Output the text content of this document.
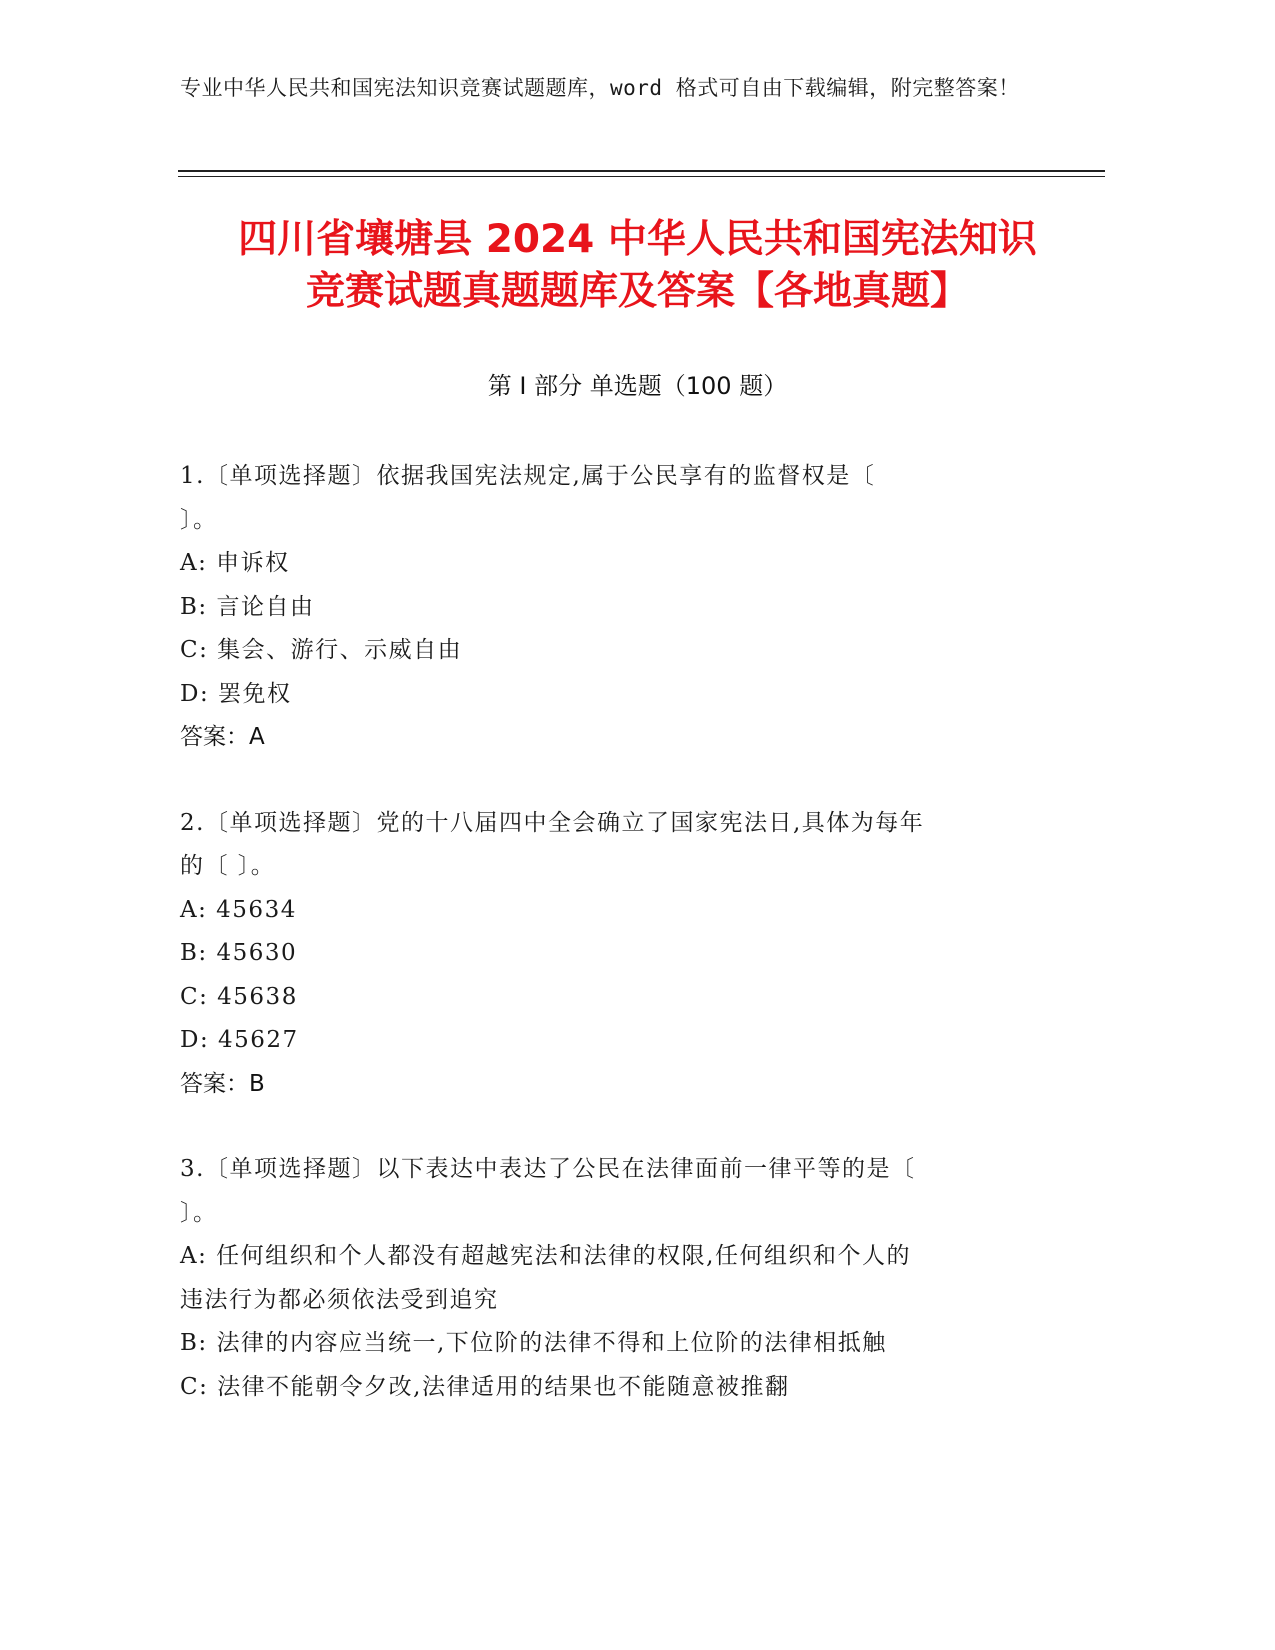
专业中华人民共和国宪法知识竞赛试题题库，word 格式可自由下载编辑，附完整答案！
四川省壤塘县 2024 中华人民共和国宪法知识
竞赛试题真题题库及答案【各地真题】
第 I 部分 单选题（100 题）
1.〔单项选择题〕依据我国宪法规定,属于公民享有的监督权是〔
〕。
A: 申诉权
B: 言论自由
C: 集会、游行、示威自由
D: 罢免权
答案：A
2.〔单项选择题〕党的十八届四中全会确立了国家宪法日,具体为每年
的〔 〕。
A: 45634
B: 45630
C: 45638
D: 45627
答案：B
3.〔单项选择题〕以下表达中表达了公民在法律面前一律平等的是〔
〕。
A: 任何组织和个人都没有超越宪法和法律的权限,任何组织和个人的
违法行为都必须依法受到追究
B: 法律的内容应当统一,下位阶的法律不得和上位阶的法律相抵触
C: 法律不能朝令夕改,法律适用的结果也不能随意被推翻
